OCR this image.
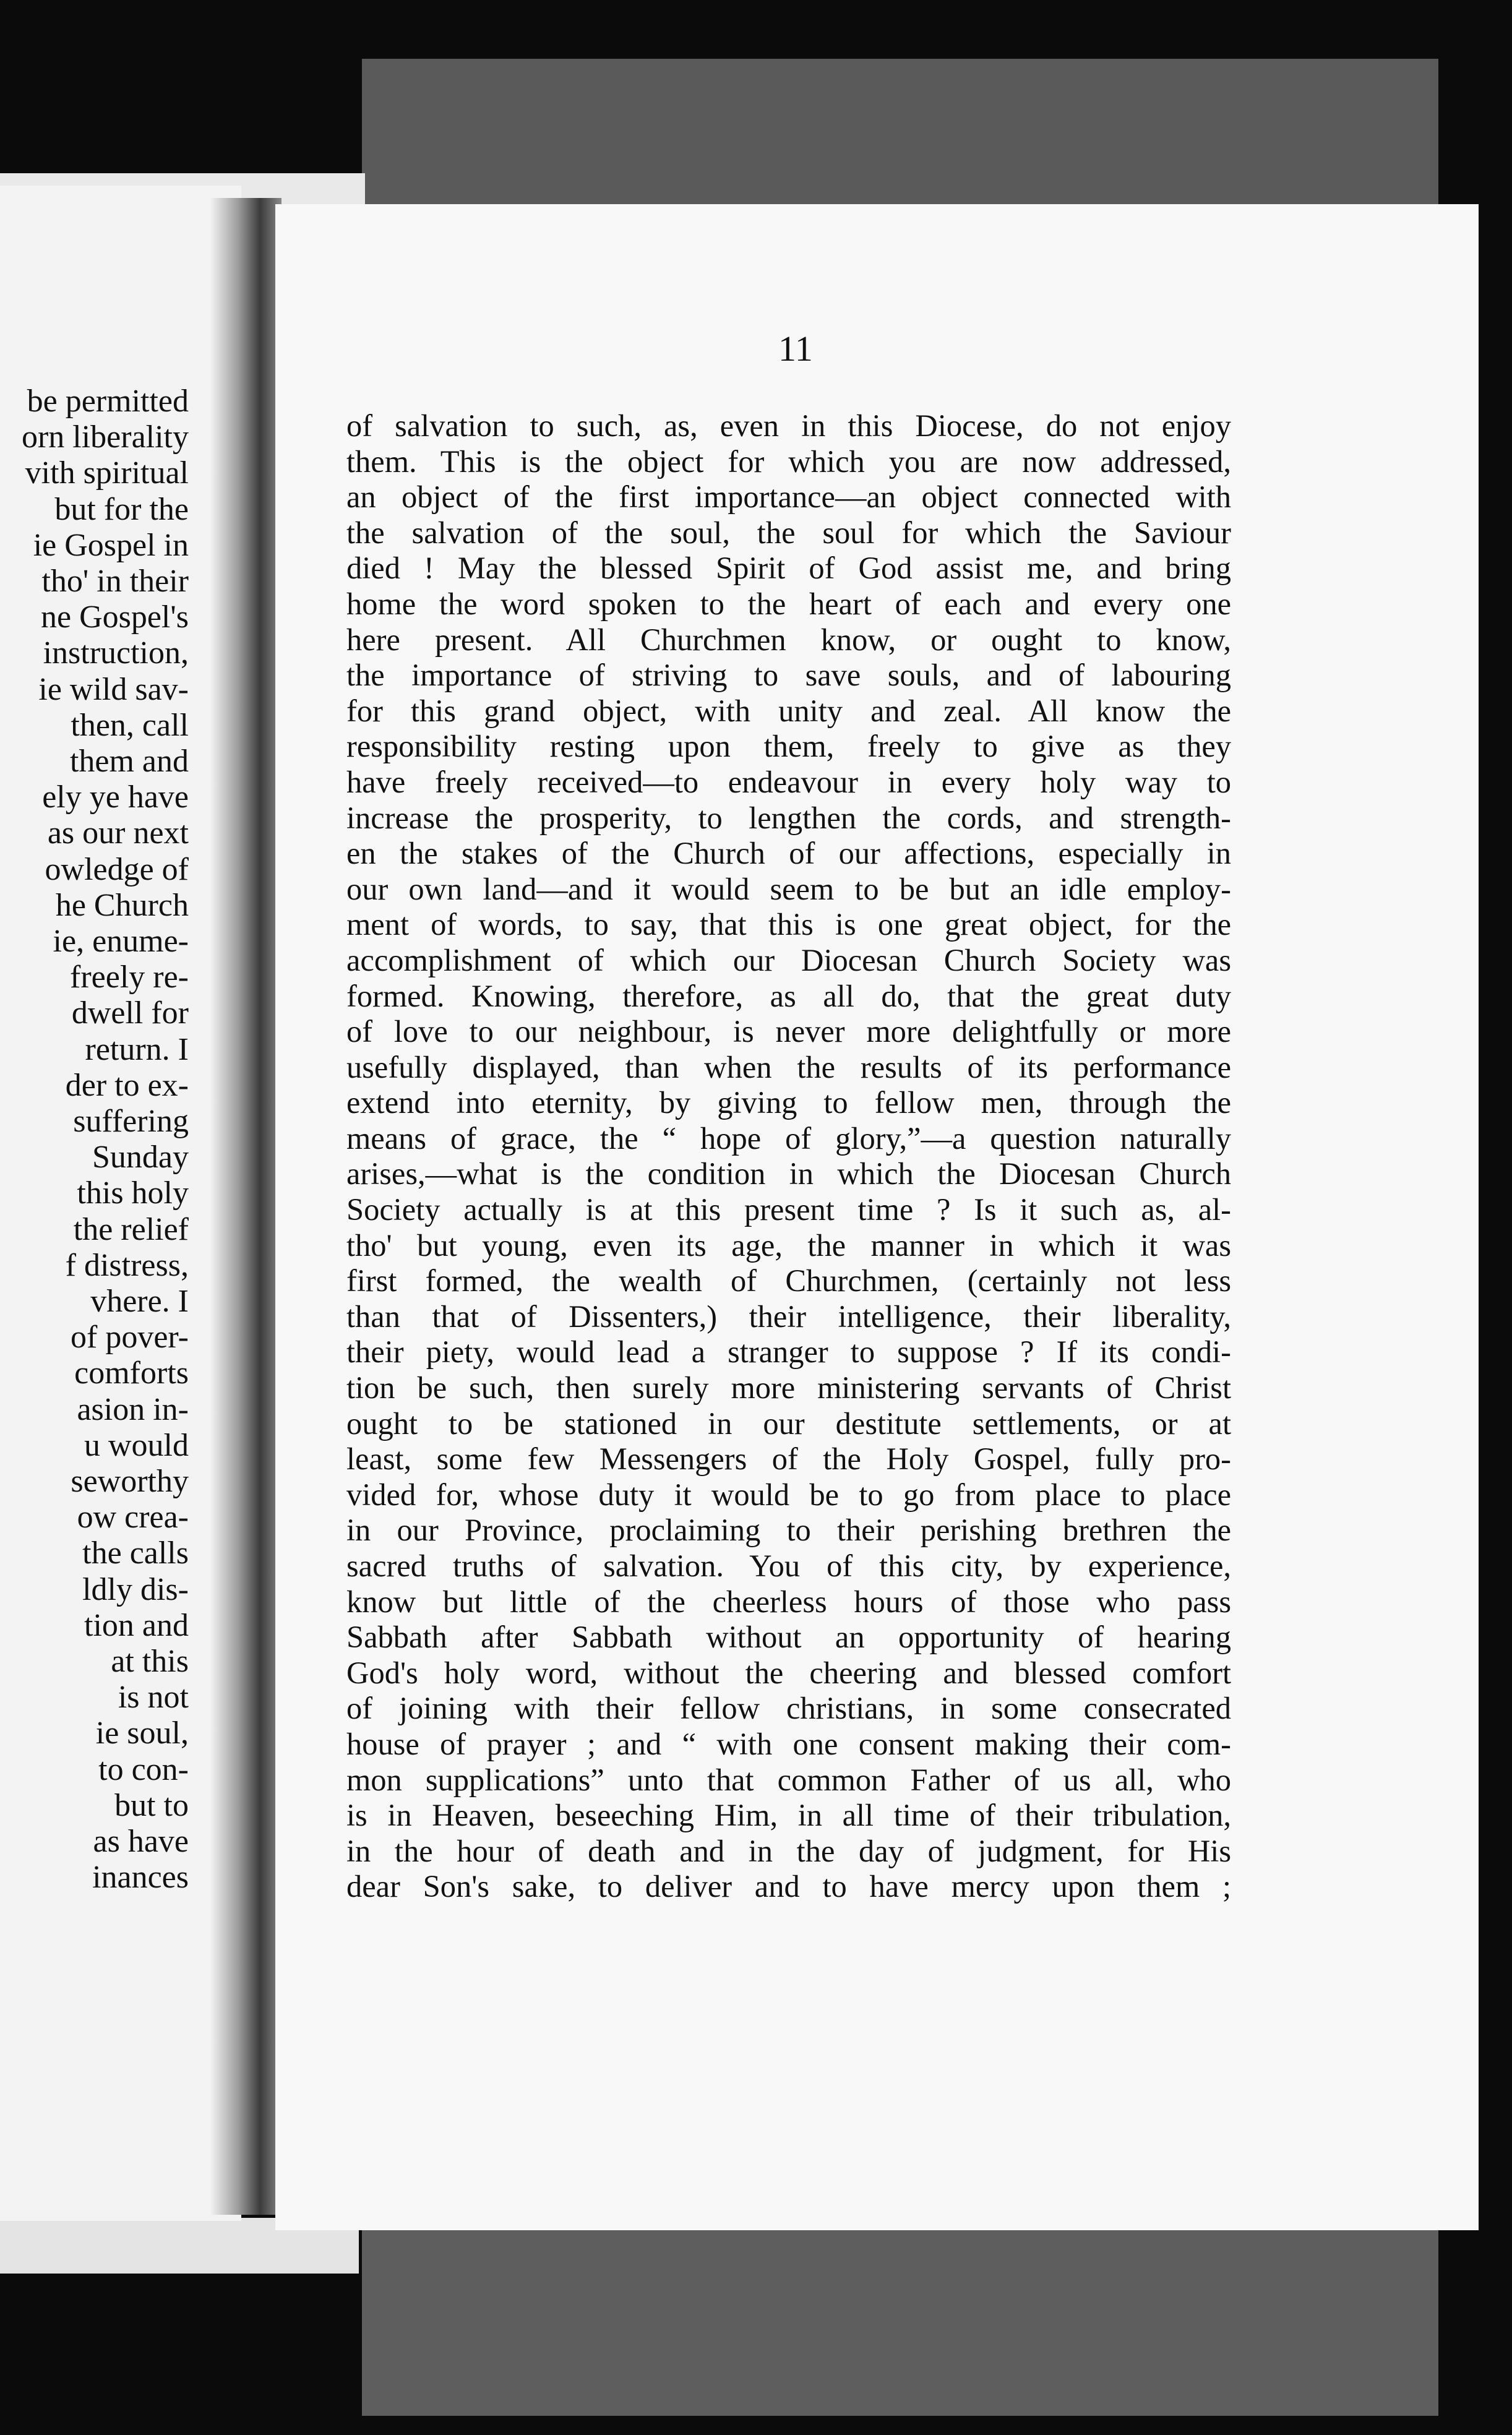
be permitted
orn liberality
vith spiritual
but for the
ie Gospel in
tho' in their
ne Gospel's
instruction,
ie wild sav-
then, call
them and
ely ye have
as our next
owledge of
he Church
ie, enume-
freely re-
dwell for
return. I
der to ex-
suffering
Sunday
this holy
the relief
f distress,
vhere. I
of pover-
comforts
asion in-
u would
seworthy
ow crea-
the calls
ldly dis-
tion and
at this
is not
ie soul,
to con-
but to
as have
inances
11
of salvation to such, as, even in this Diocese, do not enjoy
them. This is the object for which you are now addressed,
an object of the first importance—an object connected with
the salvation of the soul, the soul for which the Saviour
died ! May the blessed Spirit of God assist me, and bring
home the word spoken to the heart of each and every one
here present. All Churchmen know, or ought to know,
the importance of striving to save souls, and of labouring
for this grand object, with unity and zeal. All know the
responsibility resting upon them, freely to give as they
have freely received—to endeavour in every holy way to
increase the prosperity, to lengthen the cords, and strength-
en the stakes of the Church of our affections, especially in
our own land—and it would seem to be but an idle employ-
ment of words, to say, that this is one great object, for the
accomplishment of which our Diocesan Church Society was
formed. Knowing, therefore, as all do, that the great duty
of love to our neighbour, is never more delightfully or more
usefully displayed, than when the results of its performance
extend into eternity, by giving to fellow men, through the
means of grace, the “ hope of glory,”—a question naturally
arises,—what is the condition in which the Diocesan Church
Society actually is at this present time ? Is it such as, al-
tho' but young, even its age, the manner in which it was
first formed, the wealth of Churchmen, (certainly not less
than that of Dissenters,) their intelligence, their liberality,
their piety, would lead a stranger to suppose ? If its condi-
tion be such, then surely more ministering servants of Christ
ought to be stationed in our destitute settlements, or at
least, some few Messengers of the Holy Gospel, fully pro-
vided for, whose duty it would be to go from place to place
in our Province, proclaiming to their perishing brethren the
sacred truths of salvation. You of this city, by experience,
know but little of the cheerless hours of those who pass
Sabbath after Sabbath without an opportunity of hearing
God's holy word, without the cheering and blessed comfort
of joining with their fellow christians, in some consecrated
house of prayer ; and “ with one consent making their com-
mon supplications” unto that common Father of us all, who
is in Heaven, beseeching Him, in all time of their tribulation,
in the hour of death and in the day of judgment, for His
dear Son's sake, to deliver and to have mercy upon them ;
